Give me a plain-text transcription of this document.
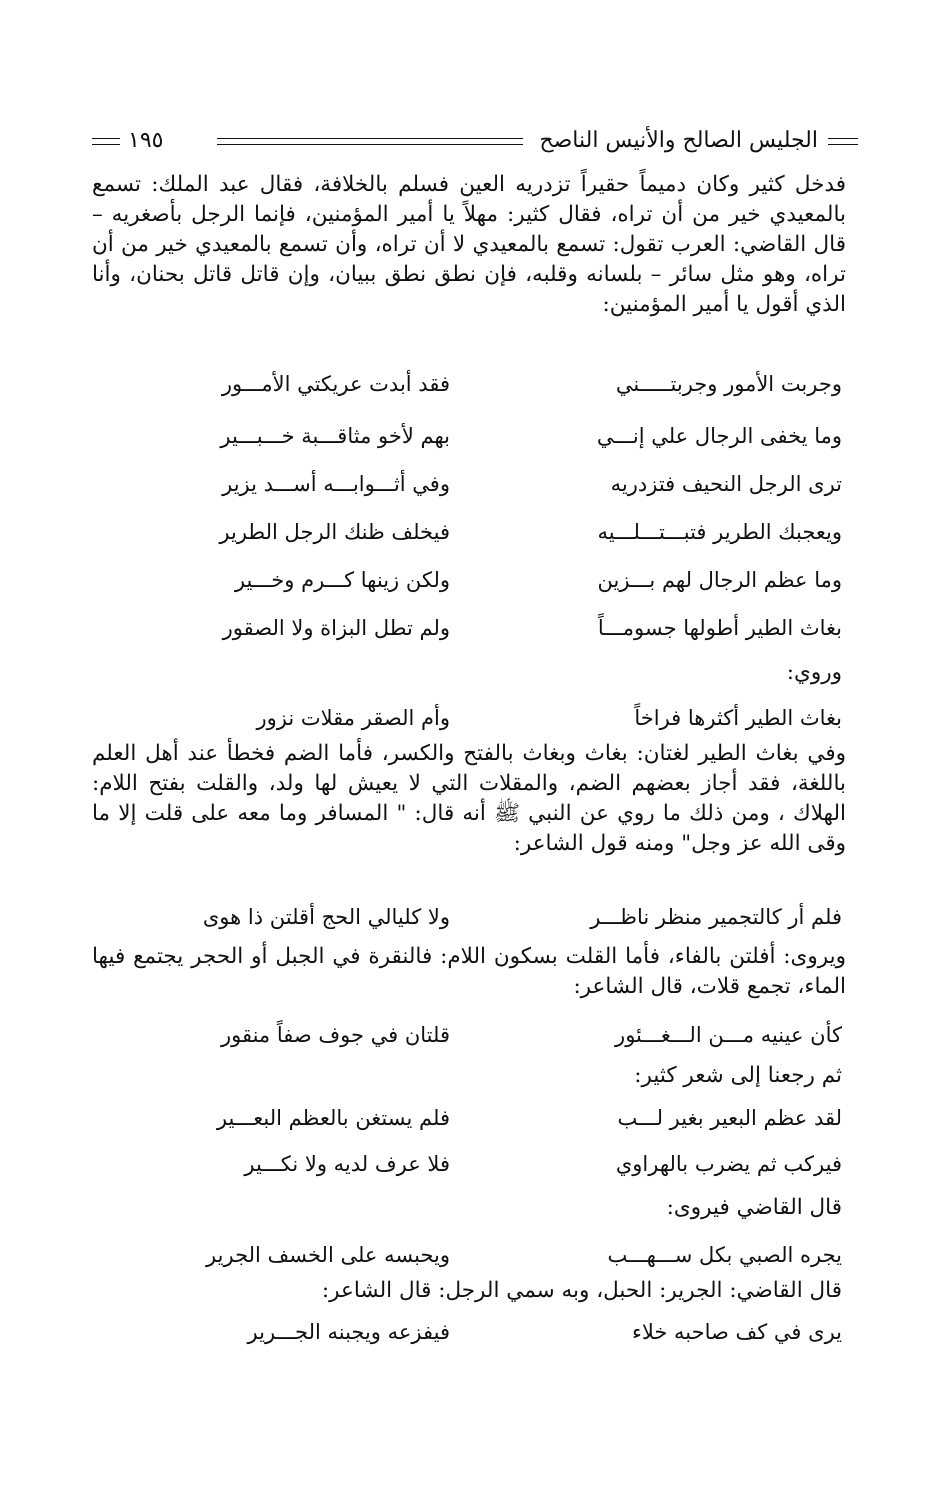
الجليس الصالح والأنيس الناصح
١٩٥

فدخل كثير وكان دميماً حقيراً تزدريه العين فسلم بالخلافة، فقال عبد الملك: تسمع بالمعيدي خير من أن تراه، فقال كثير: مهلاً يا أمير المؤمنين، فإنما الرجل بأصغريه – قال القاضي: العرب تقول: تسمع بالمعيدي لا أن تراه، وأن تسمع بالمعيدي خير من أن تراه، وهو مثل سائر – بلسانه وقلبه، فإن نطق نطق ببيان، وإن قاتل قاتل بحنان، وأنا الذي أقول يا أمير المؤمنين:

وجربت الأمور وجربتـــــني
فقد أبدت عريكتي الأمـــور
وما يخفى الرجال علي إنـــي
بهم لأخو مثاقـــبة خـــبـــير
ترى الرجل النحيف فتزدريه
وفي أثـــوابـــه أســـد يزير
ويعجبك الطرير فتبـــتـــلـــيه
فيخلف ظنك الرجل الطرير
وما عظم الرجال لهم بـــزين
ولكن زينها كـــرم وخـــير
بغاث الطير أطولها جسومـــاً
ولم تطل البزاة ولا الصقور
وروي:
بغاث الطير أكثرها فراخاً
وأم الصقر مقلات نزور

وفي بغاث الطير لغتان: بغاث وبغاث بالفتح والكسر، فأما الضم فخطأ عند أهل العلم باللغة، فقد أجاز بعضهم الضم، والمقلات التي لا يعيش لها ولد، والقلت بفتح اللام: الهلاك ، ومن ذلك ما روي عن النبي ﷺ أنه قال: " المسافر وما معه على قلت إلا ما وقى الله عز وجل" ومنه قول الشاعر:

فلم أر كالتجمير منظر ناظـــر
ولا كليالي الحج أقلتن ذا هوى

ويروى: أفلتن بالفاء، فأما القلت بسكون اللام: فالنقرة في الجبل أو الحجر يجتمع فيها الماء، تجمع قلات، قال الشاعر:

كأن عينيه مـــن الـــغـــئور
قلتان في جوف صفاً منقور
ثم رجعنا إلى شعر كثير:
لقد عظم البعير بغير لـــب
فلم يستغن بالعظم البعـــير
فيركب ثم يضرب بالهراوي
فلا عرف لديه ولا نكـــير
قال القاضي فيروى:
يجره الصبي بكل ســـهـــب
ويحبسه على الخسف الجرير
قال القاضي: الجرير: الحبل، وبه سمي الرجل: قال الشاعر:
يرى في كف صاحبه خلاء
فيفزعه ويجبنه الجـــرير
